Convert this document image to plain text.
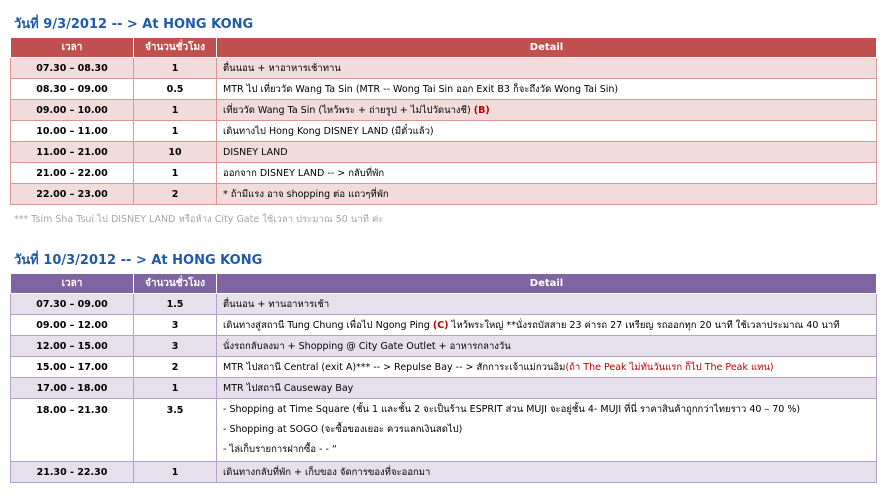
วันที่ 9/3/2012 -- > At HONG KONG
เวลา	จำนวนชั่วโมง	Detail
07.30 – 08.30	1	ตื่นนอน + หาอาหารเช้าทาน
08.30 – 09.00	0.5	MTR ไป เที่ยววัด Wang Ta Sin (MTR -- Wong Tai Sin ออก Exit B3 ก็จะถึงวัด Wong Tai Sin)
09.00 – 10.00	1	เที่ยววัด Wang Ta Sin (ไหว้พระ + ถ่ายรูป + ไม่ไปวัดนางชี) (B)
10.00 – 11.00	1	เดินทางไป Hong Kong DISNEY LAND (มีตั๋วแล้ว)
11.00 – 21.00	10	DISNEY LAND
21.00 – 22.00	1	ออกจาก DISNEY LAND -- > กลับที่พัก
22.00 – 23.00	2	* ถ้ามีแรง อาจ shopping ต่อ แถวๆที่พัก
*** Tsim Sha Tsui ไป DISNEY LAND หรือห้าง City Gate ใช้เวลา ประมาณ 50 นาที ค่ะ
วันที่ 10/3/2012 -- > At HONG KONG
เวลา	จำนวนชั่วโมง	Detail
07.30 – 09.00	1.5	ตื่นนอน + ทานอาหารเช้า
09.00 – 12.00	3	เดินทางสู่สถานี Tung Chung เพื่อไป Ngong Ping (C) ไหว้พระใหญ่ **นั่งรถบัสสาย 23 ค่ารถ 27 เหรียญ รถออกทุก 20 นาที ใช้เวลาประมาณ 40 นาที
12.00 – 15.00	3	นั่งรถกลับลงมา + Shopping @ City Gate Outlet + อาหารกลางวัน
15.00 – 17.00	2	MTR ไปสถานี Central (exit A)*** -- > Repulse Bay -- > สักการะเจ้าแม่กวนอิม(ถ้า The Peak ไม่ทันวันแรก ก็ไป The Peak แทน)
17.00 - 18.00	1	MTR ไปสถานี Causeway Bay
18.00 – 21.30	3.5	- Shopping at Time Square (ชั้น 1 และชั้น 2 จะเป็นร้าน ESPRIT ส่วน MUJI จะอยู่ชั้น 4- MUJI ที่นี่ ราคาสินค้าถูกกว่าไทยราว 40 – 70 %)
- Shopping at SOGO (จะซื้อของเยอะ ควรแลกเงินสดไป)
- ไล่เก็บรายการฝากซื้อ - - “

21.30 - 22.30	1	เดินทางกลับที่พัก + เก็บของ จัดการของที่จะออกมา
